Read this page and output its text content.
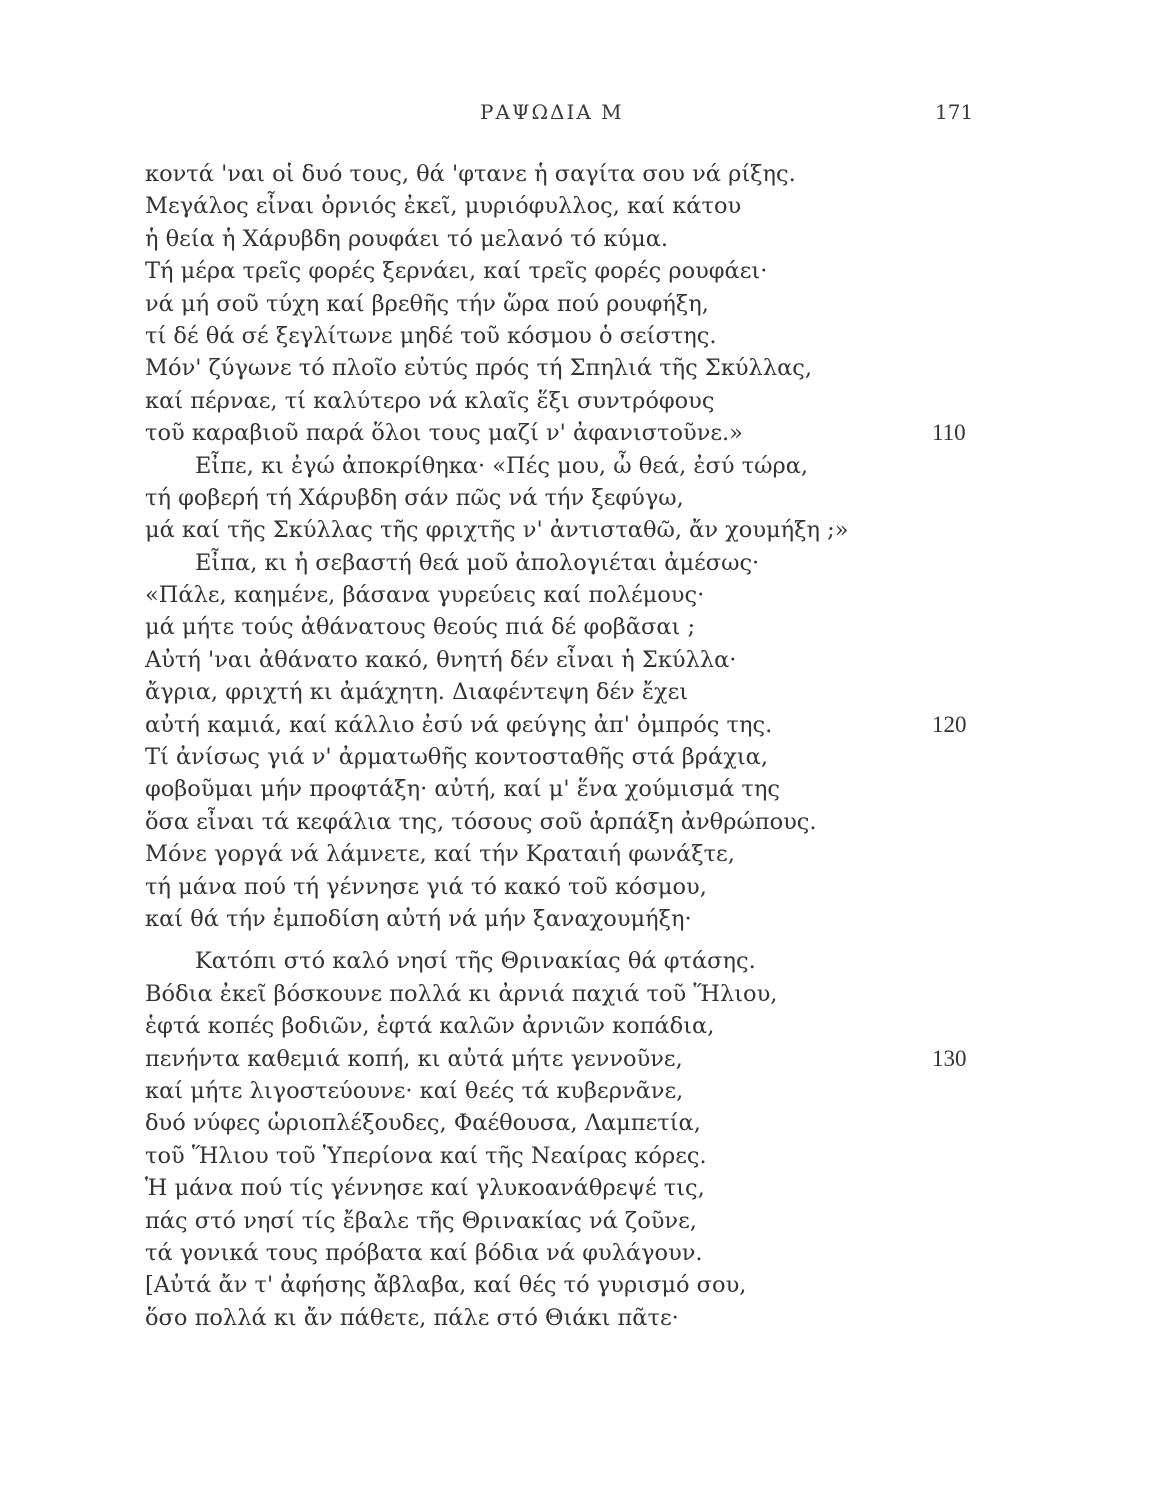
ΡΑΨΩΔΙΑ Μ	171
κοντά 'ναι οἱ δυό τους, θά 'φτανε ἡ σαγίτα σου νά ρίξης.
Μεγάλος εἶναι ὀρνιός ἐκεῖ, μυριόφυλλος, καί κάτου
ἡ θεία ἡ Χάρυβδη ρουφάει τό μελανό τό κύμα.
Τή μέρα τρεῖς φορές ξερνάει, καί τρεῖς φορές ρουφάει·
νά μή σοῦ τύχη καί βρεθῆς τήν ὥρα πού ρουφήξη,
τί δέ θά σέ ξεγλίτωνε μηδέ τοῦ κόσμου ὁ σείστης.
Μόν' ζύγωνε τό πλοῖο εὐτύς πρός τή Σπηλιά τῆς Σκύλλας,
καί πέρναε, τί καλύτερο νά κλαῖς ἕξι συντρόφους
τοῦ καραβιοῦ παρά ὅλοι τους μαζί ν' ἀφανιστοῦνε.»	110
Εἶπε, κι ἐγώ ἀποκρίθηκα· «Πές μου, ὦ θεά, ἐσύ τώρα,
τή φοβερή τή Χάρυβδη σάν πῶς νά τήν ξεφύγω,
μά καί τῆς Σκύλλας τῆς φριχτῆς ν' ἀντισταθῶ, ἄν χουμήξη ;»
Εἶπα, κι ἡ σεβαστή θεά μοῦ ἀπολογιέται ἀμέσως·
«Πάλε, καημένε, βάσανα γυρεύεις καί πολέμους·
μά μήτε τούς ἀθάνατους θεούς πιά δέ φοβᾶσαι ;
Αὐτή 'ναι ἀθάνατο κακό, θνητή δέν εἶναι ἡ Σκύλλα·
ἄγρια, φριχτή κι ἀμάχητη. Διαφέντεψη δέν ἔχει
αὐτή καμιά, καί κάλλιο ἐσύ νά φεύγης ἀπ' ὀμπρός της.	120
Τί ἀνίσως γιά ν' ἀρματωθῆς κοντοσταθῆς στά βράχια,
φοβοῦμαι μήν προφτάξη· αὐτή, καί μ' ἕνα χούμισμά της
ὅσα εἶναι τά κεφάλια της, τόσους σοῦ ἁρπάξη ἀνθρώπους.
Μόνε γοργά νά λάμνετε, καί τήν Κραταιή φωνάξτε,
τή μάνα πού τή γέννησε γιά τό κακό τοῦ κόσμου,
καί θά τήν ἐμποδίση αὐτή νά μήν ξαναχουμήξη·
Κατόπι στό καλό νησί τῆς Θρινακίας θά φτάσης.
Βόδια ἐκεῖ βόσκουνε πολλά κι ἀρνιά παχιά τοῦ Ἥλιου,
ἑφτά κοπές βοδιῶν, ἑφτά καλῶν ἀρνιῶν κοπάδια,
πενήντα καθεμιά κοπή, κι αὐτά μήτε γεννοῦνε,	130
καί μήτε λιγοστεύουνε· καί θεές τά κυβερνᾶνε,
δυό νύφες ὡριοπλέξουδες, Φαέθουσα, Λαμπετία,
τοῦ Ἥλιου τοῦ Ὑπερίονα καί τῆς Νεαίρας κόρες.
Ἡ μάνα πού τίς γέννησε καί γλυκοανάθρεψέ τις,
πάς στό νησί τίς ἔβαλε τῆς Θρινακίας νά ζοῦνε,
τά γονικά τους πρόβατα καί βόδια νά φυλάγουν.
[Αὐτά ἄν τ' ἀφήσης ἄβλαβα, καί θές τό γυρισμό σου,
ὅσο πολλά κι ἄν πάθετε, πάλε στό Θιάκι πᾶτε·
